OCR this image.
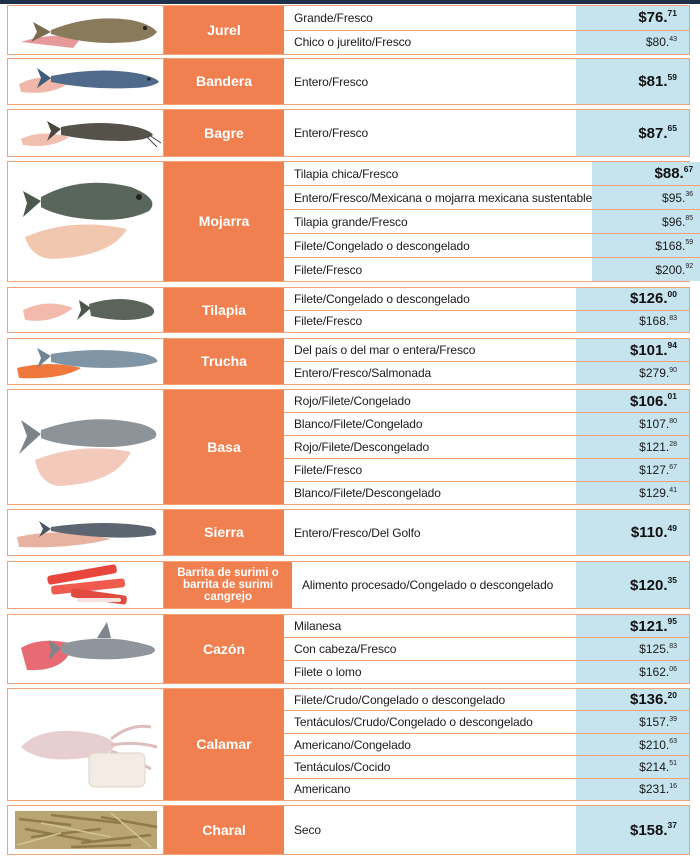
Jurel
Grande/Fresco	$76. 71
Chico o jurelito/Fresco	$80. 43
Bandera	Entero/Fresco	$81. 59
Bagre	Entero/Fresco	$87. 65
Mojarra
Tilapia chica/Fresco	$88. 67
Entero/Fresco/Mexicana o mojarra mexicana sustentable	$95. 36
Tilapia grande/Fresco	$96. 85
Filete/Congelado o descongelado	$168. 59
Filete/Fresco	$200. 92
Tilapia
Filete/Congelado o descongelado	$126. 00
Filete/Fresco	$168. 83
Trucha
Del país o del mar o entera/Fresco	$101. 94
Entero/Fresco/Salmonada	$279. 90
Basa
Rojo/Filete/Congelado	$106. 01
Blanco/Filete/Congelado	$107. 80
Rojo/Filete/Descongelado	$121. 28
Filete/Fresco	$127. 67
Blanco/Filete/Descongelado	$129. 41
Sierra	Entero/Fresco/Del Golfo	$110. 49
Barrita de surimi o barrita de surimi cangrejo
Alimento procesado/Congelado o descongelado	$120. 35
Cazón
Milanesa	$121. 95
Con cabeza/Fresco	$125. 83
Filete o lomo	$162. 06
Calamar
Filete/Crudo/Congelado o descongelado	$136. 20
Tentáculos/Crudo/Congelado o descongelado	$157. 39
Americano/Congelado	$210. 63
Tentáculos/Cocido	$214. 51
Americano	$231. 16
Charal	Seco	$158. 37
